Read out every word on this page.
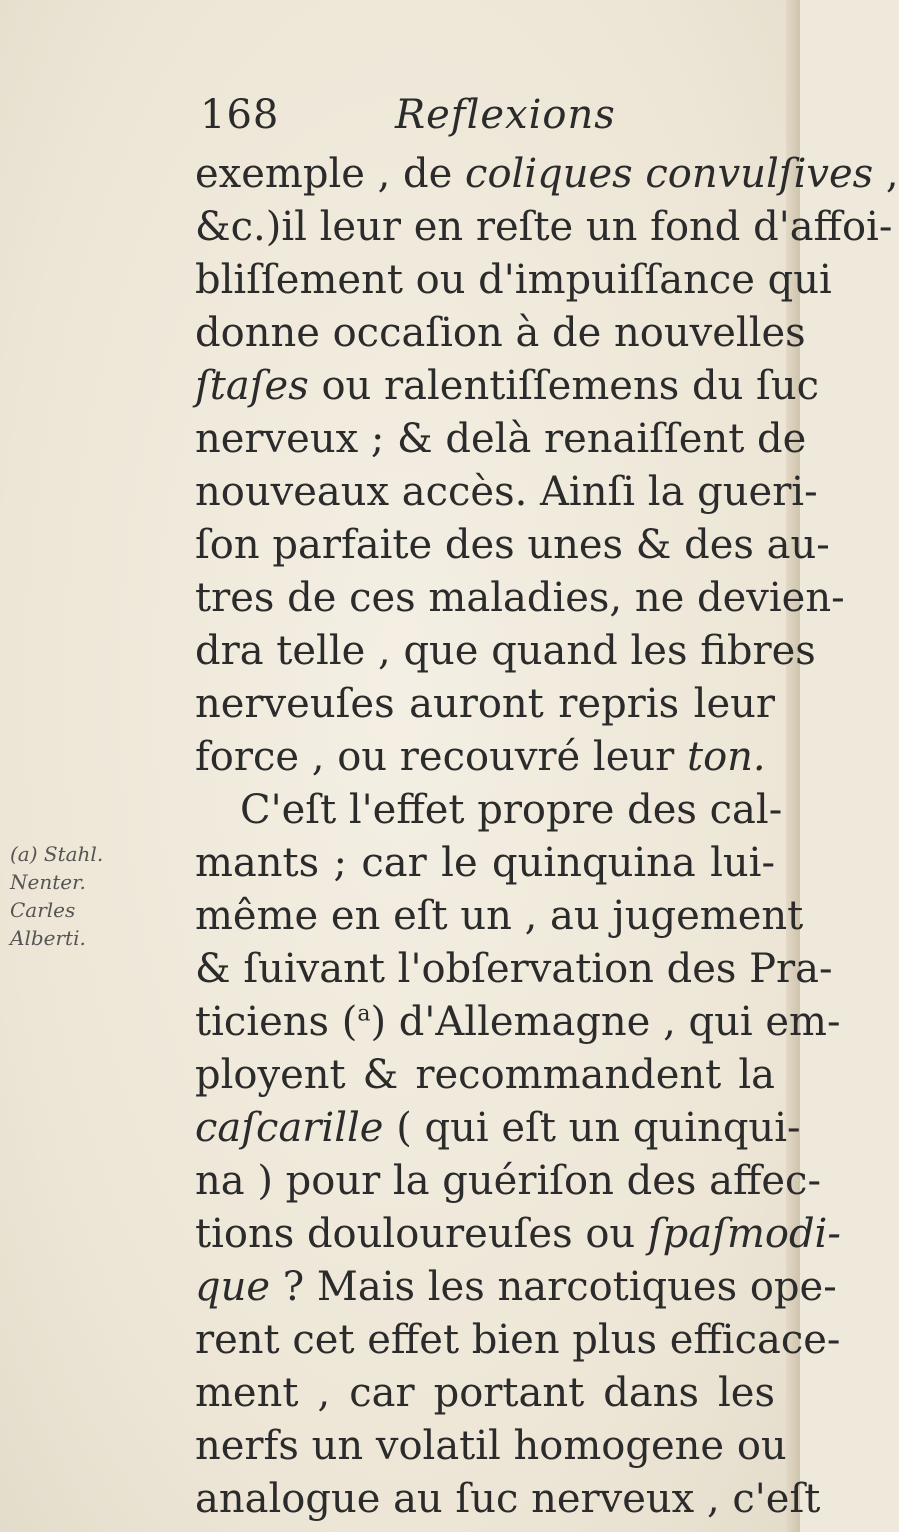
168	Reflexions
exemple , de coliques convulſives ,
&c.)il leur en reſte un fond d'affoi-
bliſſement ou d'impuiſſance qui
donne occaſion à de nouvelles
ſtaſes ou ralentiſſemens du ſuc
nerveux ; & delà renaiſſent de
nouveaux accès. Ainſi la gueri-
ſon parfaite des unes & des au-
tres de ces maladies, ne devien-
dra telle , que quand les fibres
nerveuſes auront repris leur
force , ou recouvré leur ton.
C'eſt l'effet propre des cal-
mants ; car le quinquina lui-
même en eſt un , au jugement
& ſuivant l'obſervation des Pra-
ticiens ($^a$) d'Allemagne , qui em-
ployent & recommandent la
caſcarille ( qui eſt un quinqui-
na ) pour la guériſon des affec-
tions douloureuſes ou ſpaſmodi-
que ? Mais les narcotiques ope-
rent cet effet bien plus efficace-
ment , car portant dans les
nerfs un volatil homogene ou
analogue au ſuc nerveux , c'eſt
(a) Stahl.
Nenter.
Carles
Alberti.
